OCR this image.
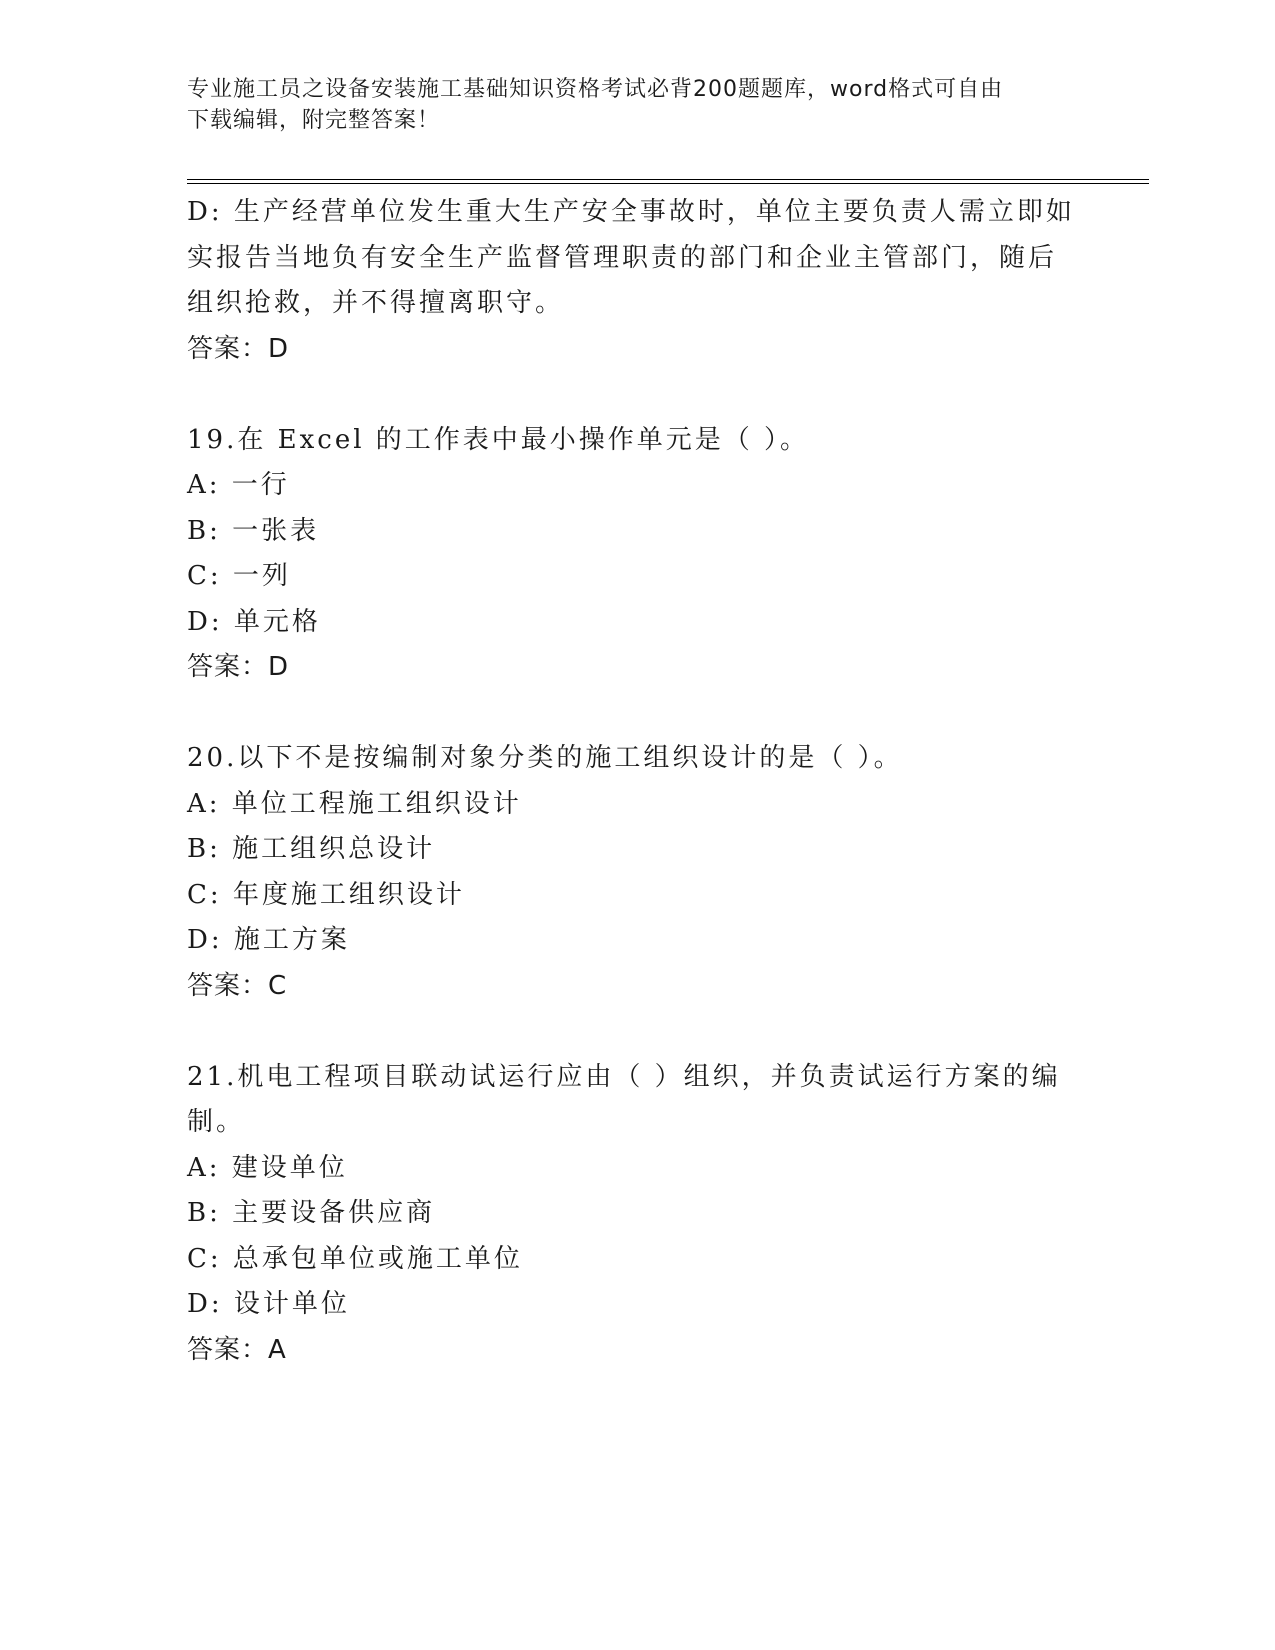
专业施工员之设备安装施工基础知识资格考试必背200题题库，word格式可自由
下载编辑，附完整答案！
D: 生产经营单位发生重大生产安全事故时，单位主要负责人需立即如
实报告当地负有安全生产监督管理职责的部门和企业主管部门，随后
组织抢救，并不得擅离职守。
答案：D
19.在 Excel 的工作表中最小操作单元是（ ）。
A: 一行
B: 一张表
C: 一列
D: 单元格
答案：D
20.以下不是按编制对象分类的施工组织设计的是（ ）。
A: 单位工程施工组织设计
B: 施工组织总设计
C: 年度施工组织设计
D: 施工方案
答案：C
21.机电工程项目联动试运行应由（ ）组织，并负责试运行方案的编
制。
A: 建设单位
B: 主要设备供应商
C: 总承包单位或施工单位
D: 设计单位
答案：A
